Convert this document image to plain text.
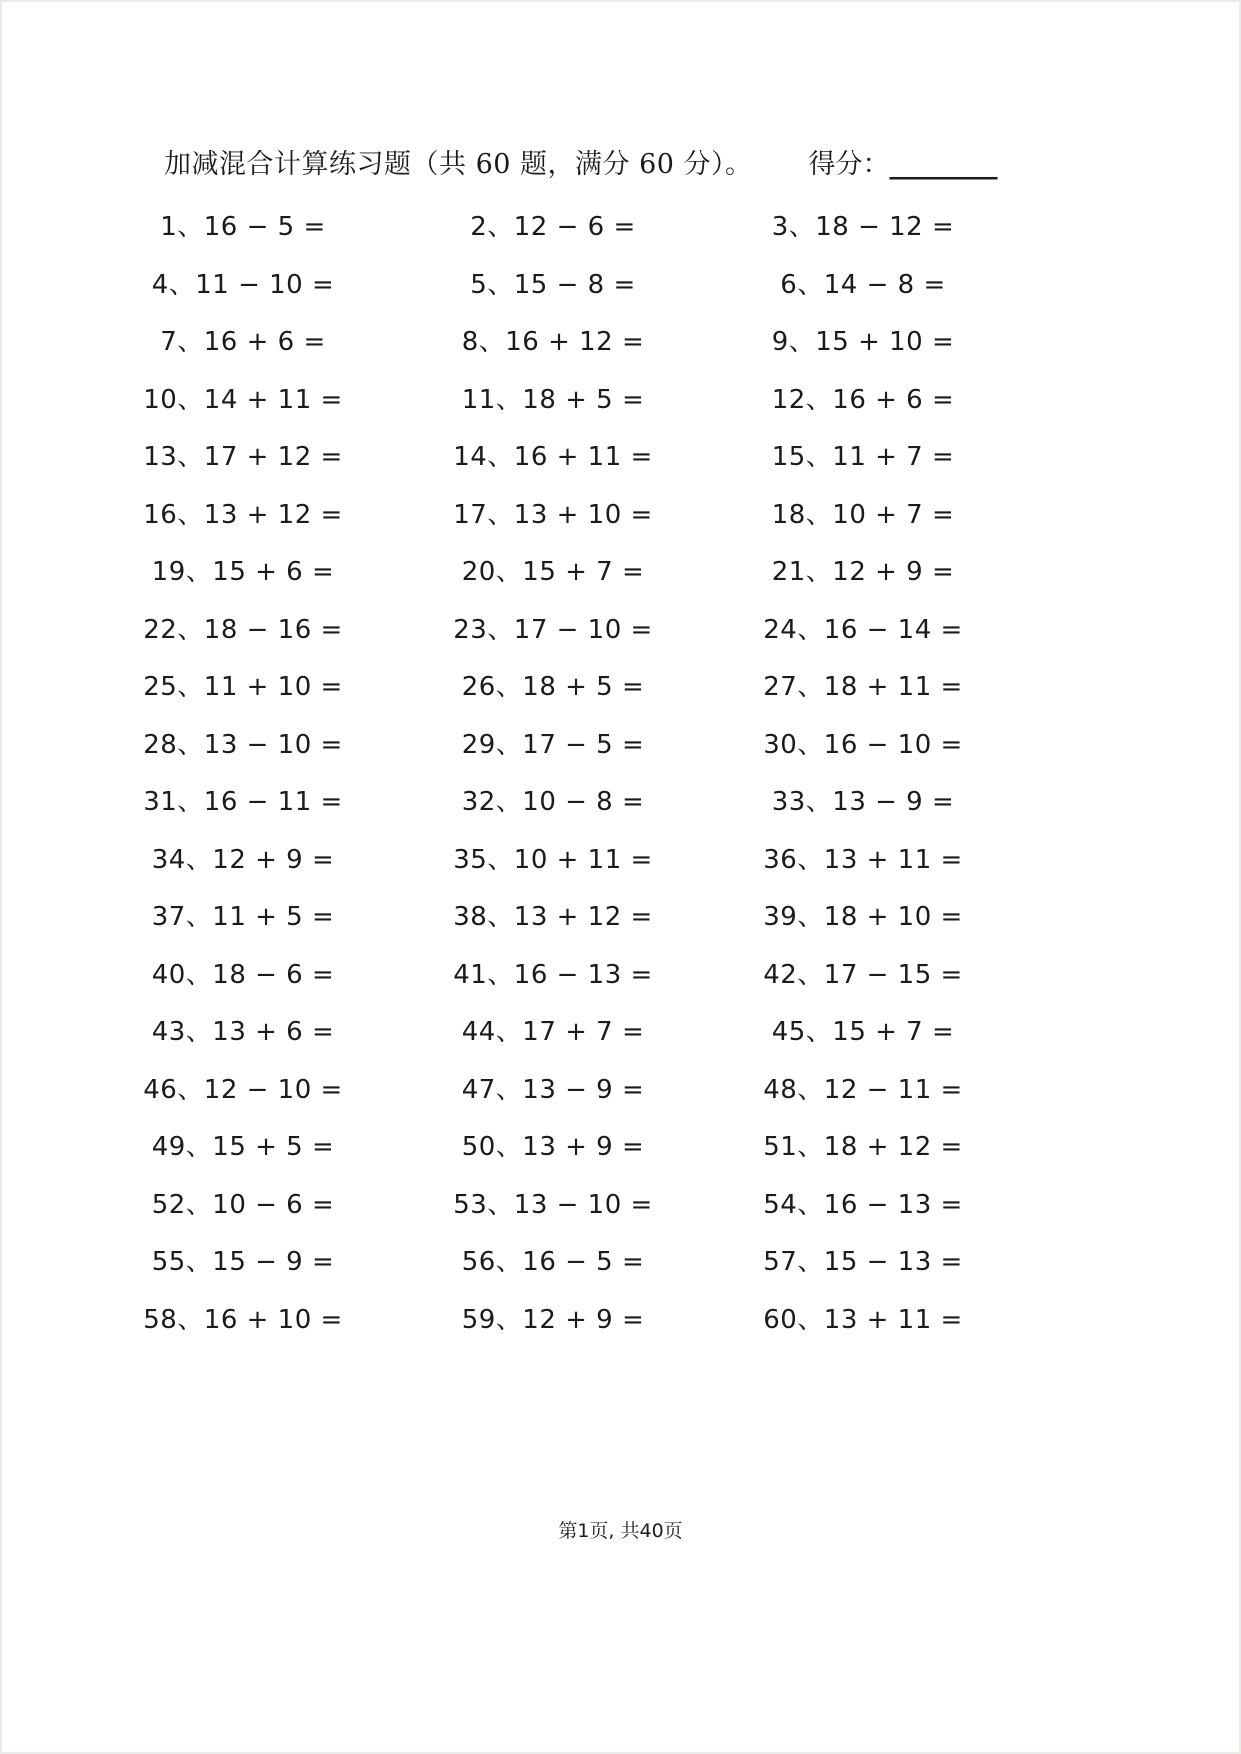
加减混合计算练习题（共 60 题，满分 60 分）。 得分： ________
1、16 − 5 =	2、12 − 6 =	3、18 − 12 =
4、11 − 10 =	5、15 − 8 =	6、14 − 8 =
7、16 + 6 =	8、16 + 12 =	9、15 + 10 =
10、14 + 11 =	11、18 + 5 =	12、16 + 6 =
13、17 + 12 =	14、16 + 11 =	15、11 + 7 =
16、13 + 12 =	17、13 + 10 =	18、10 + 7 =
19、15 + 6 =	20、15 + 7 =	21、12 + 9 =
22、18 − 16 =	23、17 − 10 =	24、16 − 14 =
25、11 + 10 =	26、18 + 5 =	27、18 + 11 =
28、13 − 10 =	29、17 − 5 =	30、16 − 10 =
31、16 − 11 =	32、10 − 8 =	33、13 − 9 =
34、12 + 9 =	35、10 + 11 =	36、13 + 11 =
37、11 + 5 =	38、13 + 12 =	39、18 + 10 =
40、18 − 6 =	41、16 − 13 =	42、17 − 15 =
43、13 + 6 =	44、17 + 7 =	45、15 + 7 =
46、12 − 10 =	47、13 − 9 =	48、12 − 11 =
49、15 + 5 =	50、13 + 9 =	51、18 + 12 =
52、10 − 6 =	53、13 − 10 =	54、16 − 13 =
55、15 − 9 =	56、16 − 5 =	57、15 − 13 =
58、16 + 10 =	59、12 + 9 =	60、13 + 11 =
第1页, 共40页
